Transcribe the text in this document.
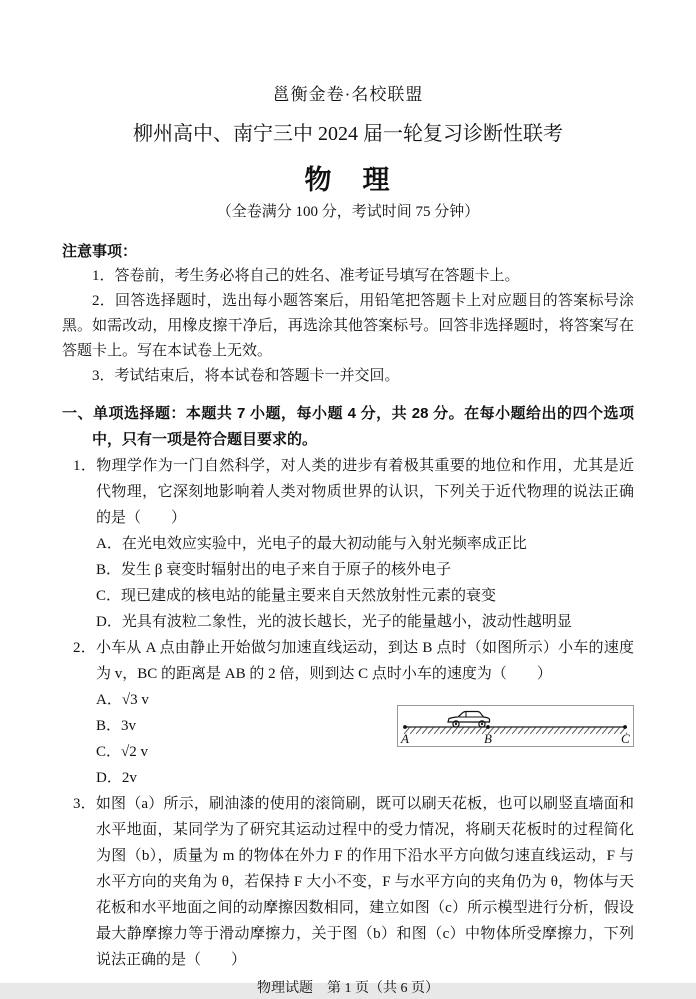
邕衡金卷·名校联盟
柳州高中、南宁三中 2024 届一轮复习诊断性联考
物　理
（全卷满分 100 分，考试时间 75 分钟）
注意事项：

1．答卷前，考生务必将自己的姓名、准考证号填写在答题卡上。

2．回答选择题时，选出每小题答案后，用铅笔把答题卡上对应题目的答案标号涂黑。如需改动，用橡皮擦干净后，再选涂其他答案标号。回答非选择题时，将答案写在答题卡上。写在本试卷上无效。

3．考试结束后，将本试卷和答题卡一并交回。

一、单项选择题：本题共 7 小题，每小题 4 分，共 28 分。在每小题给出的四个选项中，只有一项是符合题目要求的。

1．物理学作为一门自然科学，对人类的进步有着极其重要的地位和作用，尤其是近代物理，它深刻地影响着人类对物质世界的认识，下列关于近代物理的说法正确的是（　　）

A．在光电效应实验中，光电子的最大初动能与入射光频率成正比

B．发生 β 衰变时辐射出的电子来自于原子的核外电子

C．现已建成的核电站的能量主要来自天然放射性元素的衰变

D．光具有波粒二象性，光的波长越长，光子的能量越小，波动性越明显

2．小车从 A 点由静止开始做匀加速直线运动，到达 B 点时（如图所示）小车的速度为 v，BC 的距离是 AB 的 2 倍，则到达 C 点时小车的速度为（　　）

A．√3 v

B．3v

C．√2 v

D．2v

A	B	C

3．如图（a）所示，刷油漆的使用的滚筒刷，既可以刷天花板，也可以刷竖直墙面和水平地面，某同学为了研究其运动过程中的受力情况，将刷天花板时的过程简化为图（b），质量为 m 的物体在外力 F 的作用下沿水平方向做匀速直线运动，F 与水平方向的夹角为 θ，若保持 F 大小不变，F 与水平方向的夹角仍为 θ，物体与天花板和水平地面之间的动摩擦因数相同，建立如图（c）所示模型进行分析，假设最大静摩擦力等于滑动摩擦力，关于图（b）和图（c）中物体所受摩擦力，下列说法正确的是（　　）

物理试题　第 1 页（共 6 页）
